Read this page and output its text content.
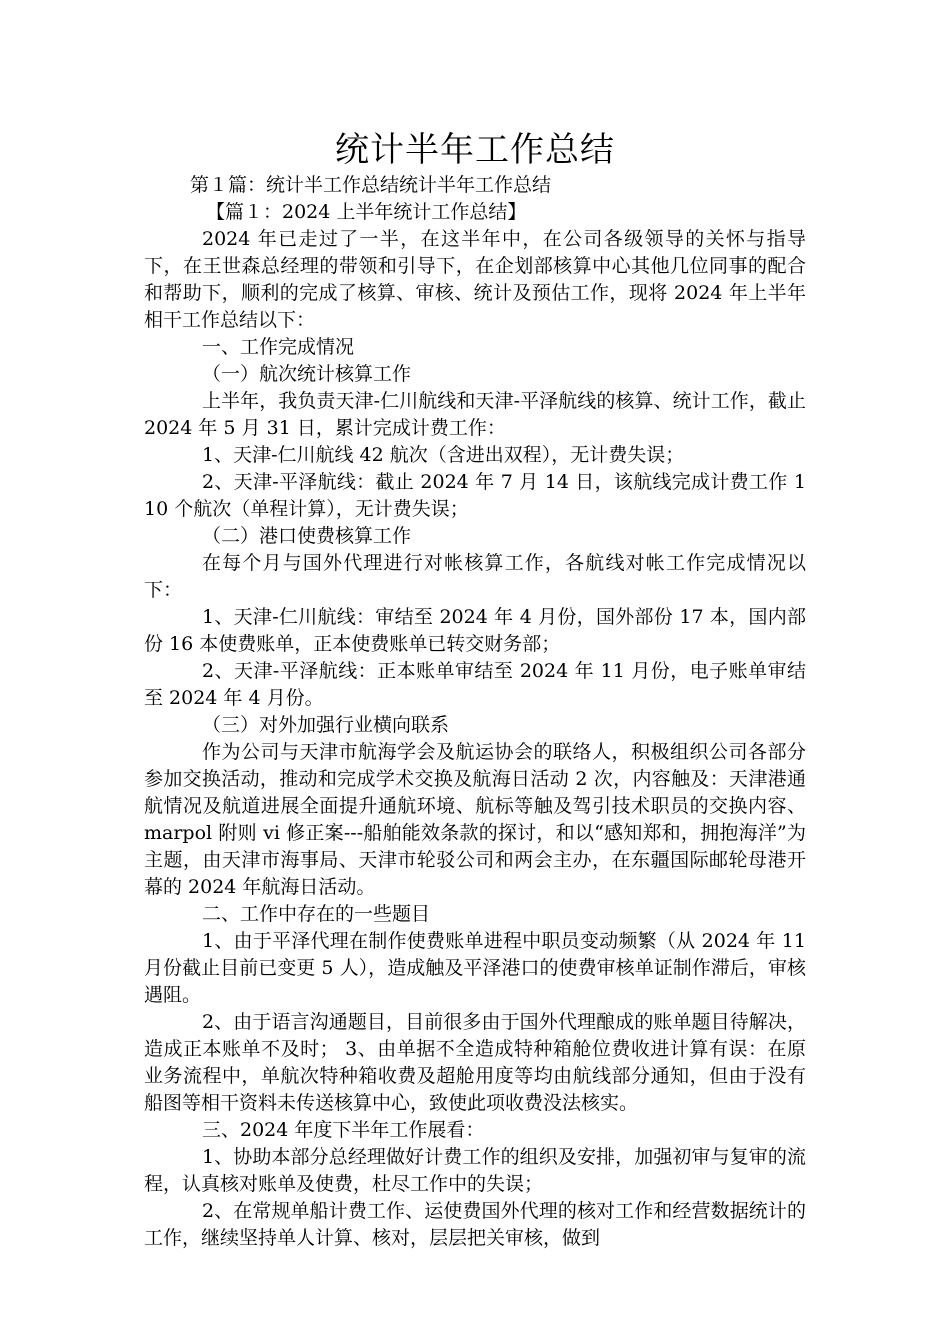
统计半年工作总结

第１篇：统计半工作总结统计半年工作总结

【篇１：2024 上半年统计工作总结】

2024 年已走过了一半，在这半年中，在公司各级领导的关怀与指导下，在王世森总经理的带领和引导下，在企划部核算中心其他几位同事的配合和帮助下，顺利的完成了核算、审核、统计及预估工作，现将 2024 年上半年相干工作总结以下：

一、工作完成情况

（一）航次统计核算工作

上半年，我负责天津-仁川航线和天津-平泽航线的核算、统计工作，截止 2024 年 5 月 31 日，累计完成计费工作：

1、天津-仁川航线 42 航次（含进出双程），无计费失误；

2、天津-平泽航线：截止 2024 年 7 月 14 日，该航线完成计费工作 110 个航次（单程计算），无计费失误；

（二）港口使费核算工作

在每个月与国外代理进行对帐核算工作，各航线对帐工作完成情况以下：

1、天津-仁川航线：审结至 2024 年 4 月份，国外部份 17 本，国内部份 16 本使费账单，正本使费账单已转交财务部；

2、天津-平泽航线：正本账单审结至 2024 年 11 月份，电子账单审结至 2024 年 4 月份。

（三）对外加强行业横向联系

作为公司与天津市航海学会及航运协会的联络人，积极组织公司各部分参加交换活动，推动和完成学术交换及航海日活动 2 次，内容触及：天津港通航情况及航道进展全面提升通航环境、航标等触及驾引技术职员的交换内容、marpol 附则 vi 修正案---船舶能效条款的探讨，和以“感知郑和，拥抱海洋”为主题，由天津市海事局、天津市轮驳公司和两会主办，在东疆国际邮轮母港开幕的 2024 年航海日活动。

二、工作中存在的一些题目

1、由于平泽代理在制作使费账单进程中职员变动频繁（从 2024 年 11 月份截止目前已变更 5 人），造成触及平泽港口的使费审核单证制作滞后，审核遇阻。

2、由于语言沟通题目，目前很多由于国外代理酿成的账单题目待解决，造成正本账单不及时； 3、由单据不全造成特种箱舱位费收进计算有误：在原业务流程中，单航次特种箱收费及超舱用度等均由航线部分通知，但由于没有船图等相干资料未传送核算中心，致使此项收费没法核实。

三、2024 年度下半年工作展看：

1、协助本部分总经理做好计费工作的组织及安排，加强初审与复审的流程，认真核对账单及使费，杜尽工作中的失误；

2、在常规单船计费工作、运使费国外代理的核对工作和经营数据统计的工作，继续坚持单人计算、核对，层层把关审核，做到
